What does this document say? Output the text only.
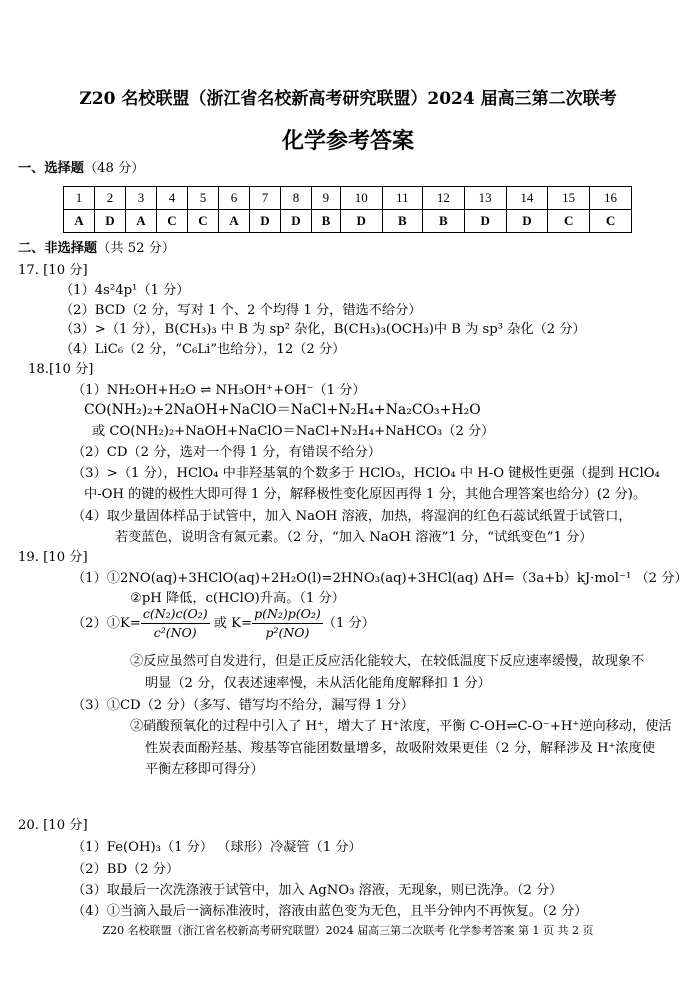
Z20 名校联盟（浙江省名校新高考研究联盟）2024 届高三第二次联考
化学参考答案
一、选择题（48 分）
1	2	3	4	5	6	7	8	9	10	11	12	13	14	15	16
A	D	A	C	C	A	D	D	B	D	B	B	D	D	C	C
二、非选择题（共 52 分）
17. [10 分]
（1）4s²4p¹（1 分）
（2）BCD（2 分，写对 1 个、2 个均得 1 分，错选不给分）
（3）>（1 分），B(CH₃)₃ 中 B 为 sp² 杂化，B(CH₃)₃(OCH₃)中 B 为 sp³ 杂化（2 分）
（4）LiC₆（2 分，“C₆Li”也给分），12（2 分）
18.[10 分]
（1）NH₂OH+H₂O ⇌ NH₃OH⁺+OH⁻（1 分）
CO(NH₂)₂+2NaOH+NaClO＝NaCl+N₂H₄+Na₂CO₃+H₂O
或 CO(NH₂)₂+NaOH+NaClO＝NaCl+N₂H₄+NaHCO₃（2 分）
（2）CD（2 分，选对一个得 1 分，有错误不给分）
（3）>（1 分），HClO₄ 中非羟基氧的个数多于 HClO₃，HClO₄ 中 H-O 键极性更强（提到 HClO₄
中-OH 的键的极性大即可得 1 分，解释极性变化原因再得 1 分，其他合理答案也给分）(2 分)。
（4）取少量固体样品于试管中，加入 NaOH 溶液，加热，将湿润的红色石蕊试纸置于试管口，
若变蓝色，说明含有氮元素。（2 分，“加入 NaOH 溶液”1 分，“试纸变色”1 分）
19. [10 分]
（1）①2NO(aq)+3HClO(aq)+2H₂O(l)=2HNO₃(aq)+3HCl(aq) ΔH=（3a+b）kJ·mol⁻¹ （2 分）
②pH 降低，c(HClO)升高。（1 分）
（2）①K= $\frac{\text{c(N₂)c(O₂)}}{\text{c²(NO)}}$ 或 $K= \frac{\text{p(N₂)p(O₂)}}{\text{p²(NO)}} (1$ 分）
②反应虽然可自发进行，但是正反应活化能较大，在较低温度下反应速率缓慢，故现象不
明显（2 分，仅表述速率慢，未从活化能角度解释扣 1 分）
（3）①CD（2 分）（多写、错写均不给分，漏写得 1 分）
②硝酸预氧化的过程中引入了 H⁺，增大了 H⁺浓度，平衡 C-OH⇌C-O⁻+H⁺逆向移动，使活
性炭表面酚羟基、羧基等官能团数量增多，故吸附效果更佳（2 分，解释涉及 H⁺浓度使
平衡左移即可得分）
20. [10 分]
（1）Fe(OH)₃（1 分） （球形）冷凝管（1 分）
（2）BD（2 分）
（3）取最后一次洗涤液于试管中，加入 AgNO₃ 溶液，无现象，则已洗净。（2 分）
（4）①当滴入最后一滴标准液时，溶液由蓝色变为无色，且半分钟内不再恢复。（2 分）
Z20 名校联盟（浙江省名校新高考研究联盟）2024 届高三第二次联考 化学参考答案 第 1 页 共 2 页
